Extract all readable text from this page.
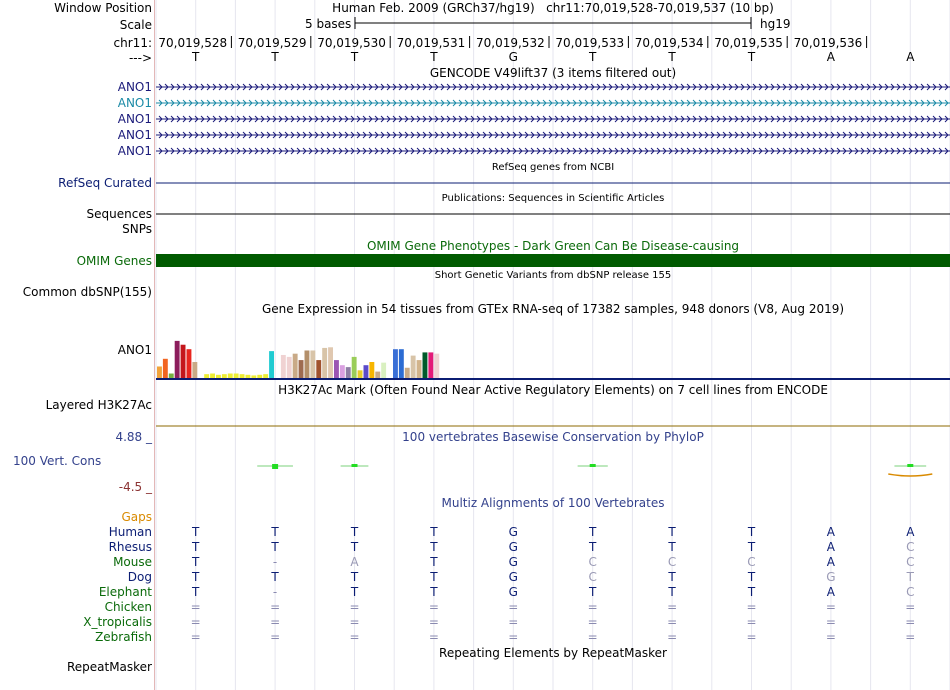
Window Position	Human Feb. 2009 (GRCh37/hg19)   chr11:70,019,528-70,019,537 (10 bp)
Scale	5 bases	hg19
chr11: 70,019,528 70,019,529 70,019,530 70,019,531 70,019,532 70,019,533 70,019,534 70,019,535 70,019,536
--->	T	T	T	T	G	T	T	T	A	A
GENCODE V49lift37 (3 items filtered out)
ANO1
ANO1
ANO1
ANO1
ANO1
RefSeq genes from NCBI
RefSeq Curated
Publications: Sequences in Scientific Articles
Sequences
SNPs
OMIM Gene Phenotypes - Dark Green Can Be Disease-causing
OMIM Genes
Short Genetic Variants from dbSNP release 155
Common dbSNP(155)
Gene Expression in 54 tissues from GTEx RNA-seq of 17382 samples, 948 donors (V8, Aug 2019)
ANO1
H3K27Ac Mark (Often Found Near Active Regulatory Elements) on 7 cell lines from ENCODE
Layered H3K27Ac
100 vertebrates Basewise Conservation by PhyloP
4.88 _
100 Vert. Cons
-4.5 _
Multiz Alignments of 100 Vertebrates
Gaps
Human	T	T	T	T	G	T	T	T	A	A
Rhesus	T	T	T	T	G	T	T	T	A	C
Mouse	T	-	A	T	G	C	C	C	A	C
Dog	T	T	T	T	G	C	T	T	G	T
Elephant	T	-	T	T	G	T	T	T	A	C
Chicken	=	=	=	=	=	=	=	=	=	=
X_tropicalis	=	=	=	=	=	=	=	=	=	=
Zebrafish	=	=	=	=	=	=	=	=	=	=
Repeating Elements by RepeatMasker
RepeatMasker
